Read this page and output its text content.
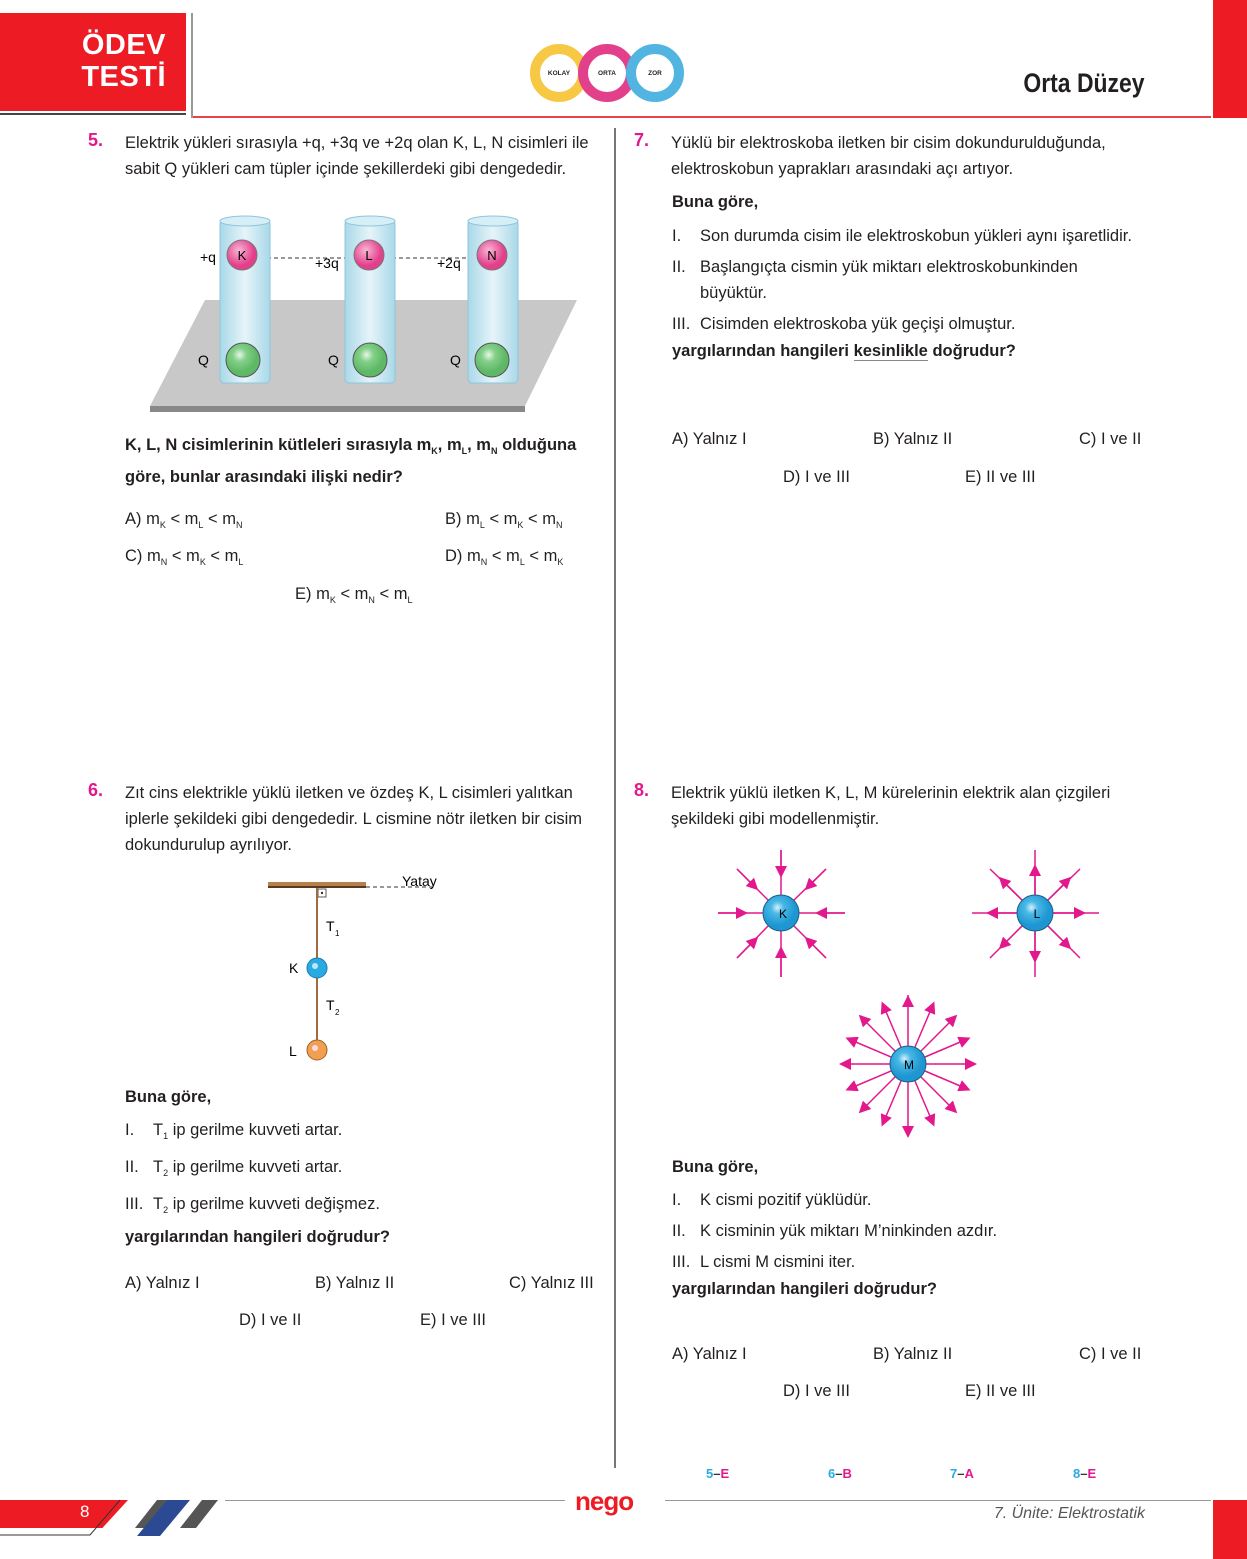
ÖDEV
TESTİ	KOLAY	ORTA	ZOR	Orta Düzey
5. Elektrik yükleri sırasıyla +q, +3q ve +2q olan K, L, N cisimleri ile sabit Q yükleri cam tüpler içinde şekillerdeki gibi dengededir.
K
+q
Q
L
+3q
Q
N
+2q
Q
K, L, N cisimlerinin kütleleri sırasıyla $m_K$, $m_L$, $m_N$ olduğuna göre, bunlar arasındaki ilişki nedir?
A) $m_K < m_L < m_N$	B) $m_L < m_K < m_N$
C) $m_N < m_K < m_L$	D) $m_N < m_L < m_K$
E) $m_K < m_N < m_L$
6. Zıt cins elektrikle yüklü iletken ve özdeş K, L cisimleri yalıtkan iplerle şekildeki gibi dengededir. L cismine nötr iletken bir cisim dokundurulup ayrılıyor.
Yatay
T 1
K
T 2
L
Buna göre,
I.	$T_1$ ip gerilme kuvveti artar.
II. $T_2$ ip gerilme kuvveti artar.
III. $T_2$ ip gerilme kuvveti değişmez.
yargılarından hangileri doğrudur?
A) Yalnız I	B) Yalnız II	C) Yalnız III
D) I ve II	E) I ve III
7. Yüklü bir elektroskoba iletken bir cisim dokundurulduğunda, elektroskobun yaprakları arasındaki açı artıyor.
Buna göre,
I.	Son durumda cisim ile elektroskobun yükleri aynı işaretlidir.
II. Başlangıçta cismin yük miktarı elektroskobunkinden büyüktür.
III. Cisimden elektroskoba yük geçişi olmuştur.
yargılarından hangileri kesinlikle doğrudur?
A) Yalnız I	B) Yalnız II	C) I ve II
D) I ve III	E) II ve III
8. Elektrik yüklü iletken K, L, M kürelerinin elektrik alan çizgileri şekildeki gibi modellenmiştir.
K	L
M
Buna göre,
I.	K cismi pozitif yüklüdür.
II. K cisminin yük miktarı M’ninkinden azdır.
III. L cismi M cismini iter.
yargılarından hangileri doğrudur?
A) Yalnız I	B) Yalnız II	C) I ve II
D) I ve III	E) II ve III
5–E	6–B	7–A	8–E
8	nego	7. Ünite: Elektrostatik
